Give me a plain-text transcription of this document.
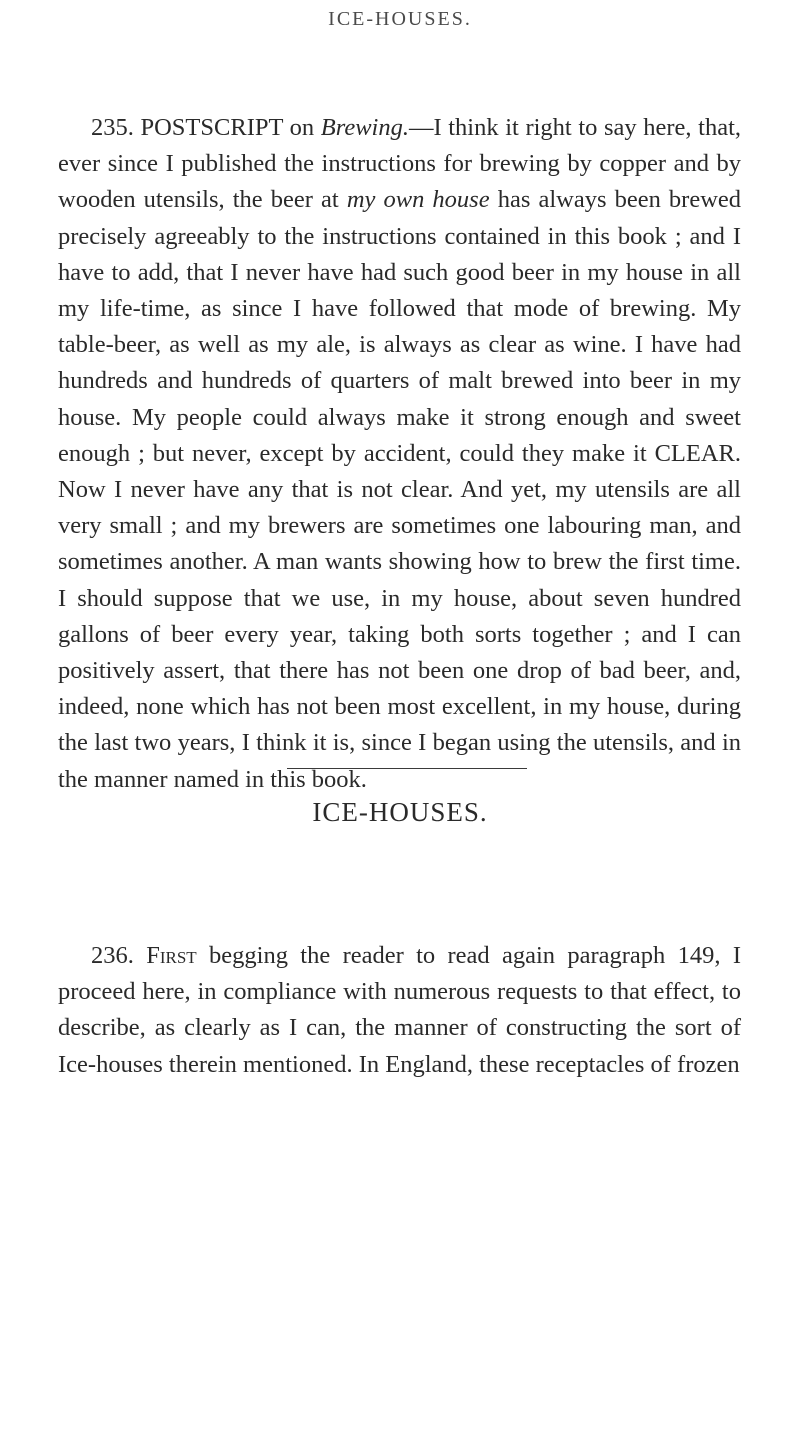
ICE-HOUSES.

235. POSTSCRIPT on Brewing.—I think it right to say here, that, ever since I published the instructions for brewing by copper and by wooden utensils, the beer at my own house has always been brewed precisely agreeably to the instructions contained in this book ; and I have to add, that I never have had such good beer in my house in all my life-time, as since I have followed that mode of brewing. My table-beer, as well as my ale, is always as clear as wine. I have had hundreds and hundreds of quarters of malt brewed into beer in my house. My people could always make it strong enough and sweet enough ; but never, except by accident, could they make it CLEAR. Now I never have any that is not clear. And yet, my utensils are all very small ; and my brewers are sometimes one labouring man, and sometimes another. A man wants showing how to brew the first time. I should suppose that we use, in my house, about seven hundred gallons of beer every year, taking both sorts together ; and I can positively assert, that there has not been one drop of bad beer, and, indeed, none which has not been most excellent, in my house, during the last two years, I think it is, since I began using the utensils, and in the manner named in this book.

ICE-HOUSES.

236. First begging the reader to read again paragraph 149, I proceed here, in compliance with numerous requests to that effect, to describe, as clearly as I can, the manner of constructing the sort of Ice-houses therein mentioned. In England, these receptacles of frozen
